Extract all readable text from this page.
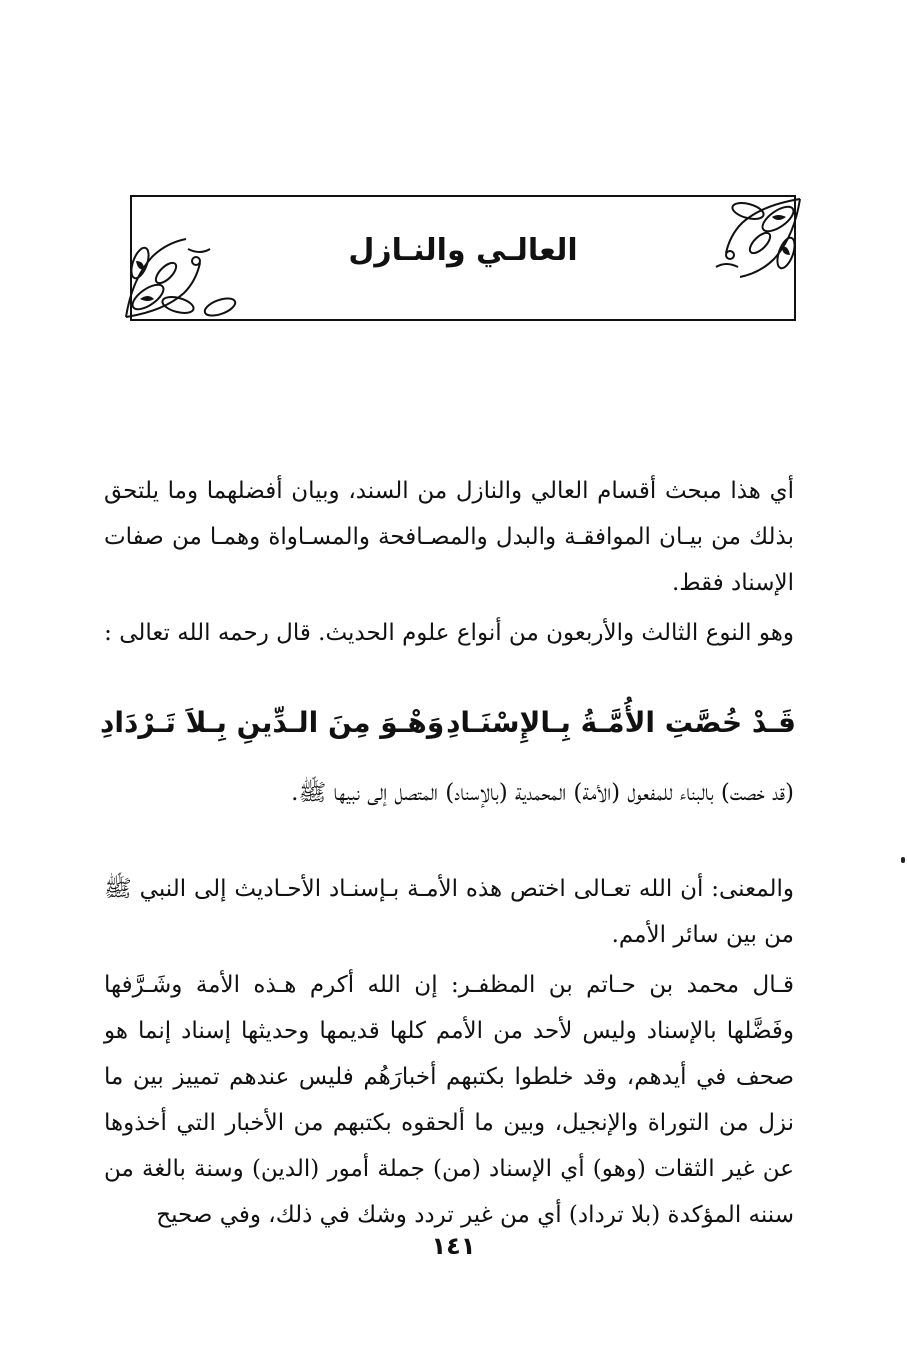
العالـي والنـازل

أي هذا مبحث أقسام العالي والنازل من السند، وبيان أفضلهما وما يلتحق بذلك من بيـان الموافقـة والبدل والمصـافحة والمسـاواة وهمـا من صفات الإسناد فقط.

وهو النوع الثالث والأربعون من أنواع علوم الحديث. قال رحمه الله تعالى :

قَـدْ خُصَّتِ الأُمَّـةُ بِـالإِسْنَـادِ
وَهْـوَ مِنَ الـدِّينِ بِـلاَ تَـرْدَادِ

(قد خصت) بالبناء للمفعول (الأمة) المحمدية (بالإسناد) المتصل إلى نبيها ﷺ.

والمعنى: أن الله تعـالى اختص هذه الأمـة بـإسنـاد الأحـاديث إلى النبي ﷺ من بين سائر الأمم.

قـال محمد بن حـاتم بن المظفـر: إن الله أكرم هـذه الأمة وشَـرَّفها وفَضَّلها بالإسناد وليس لأحد من الأمم كلها قديمها وحديثها إسناد إنما هو صحف في أيدهم، وقد خلطوا بكتبهم أخبارَهُم فليس عندهم تمييز بين ما نزل من التوراة والإنجيل، وبين ما ألحقوه بكتبهم من الأخبار التي أخذوها عن غير الثقات (وهو) أي الإسناد (من) جملة أمور (الدين) وسنة بالغة من سننه المؤكدة (بلا ترداد) أي من غير تردد وشك في ذلك، وفي صحيح

١٤١
